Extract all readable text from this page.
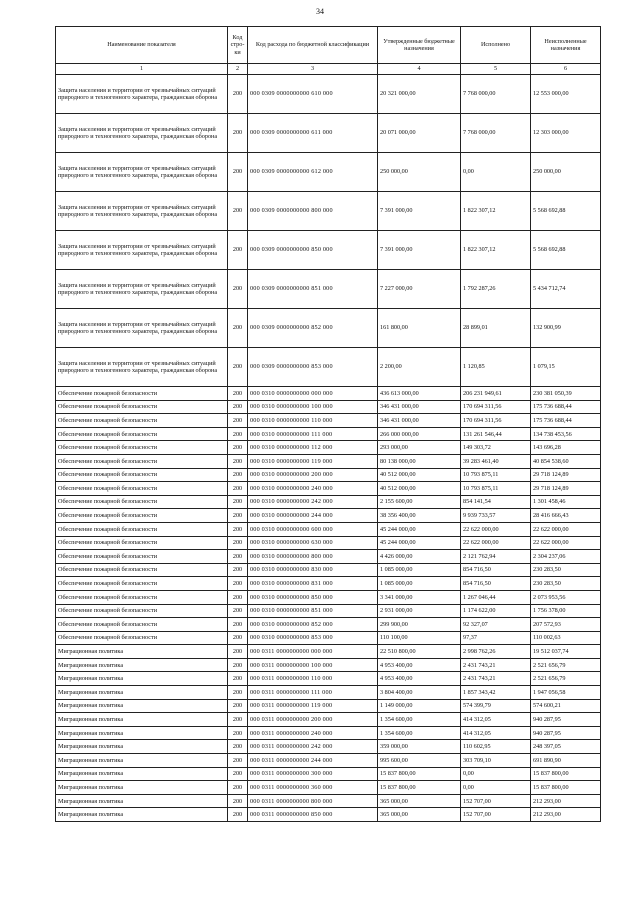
34
Наименование показателя	Код стро-ки	Код расхода по бюджетной классификации	Утвержденные бюджетные назначения	Исполнено	Неисполненные назначения
1	2	3	4	5	6
Защита населения и территории от чрезвычайных ситуаций природного и техногенного характера, гражданская оборона	200	000 0309 0000000000 610 000	20 321 000,00	7 768 000,00	12 553 000,00
Защита населения и территории от чрезвычайных ситуаций природного и техногенного характера, гражданская оборона	200	000 0309 0000000000 611 000	20 071 000,00	7 768 000,00	12 303 000,00
Защита населения и территории от чрезвычайных ситуаций природного и техногенного характера, гражданская оборона	200	000 0309 0000000000 612 000	250 000,00	0,00	250 000,00
Защита населения и территории от чрезвычайных ситуаций природного и техногенного характера, гражданская оборона	200	000 0309 0000000000 800 000	7 391 000,00	1 822 307,12	5 568 692,88
Защита населения и территории от чрезвычайных ситуаций природного и техногенного характера, гражданская оборона	200	000 0309 0000000000 850 000	7 391 000,00	1 822 307,12	5 568 692,88
Защита населения и территории от чрезвычайных ситуаций природного и техногенного характера, гражданская оборона	200	000 0309 0000000000 851 000	7 227 000,00	1 792 287,26	5 434 712,74
Защита населения и территории от чрезвычайных ситуаций природного и техногенного характера, гражданская оборона	200	000 0309 0000000000 852 000	161 800,00	28 899,01	132 900,99
Защита населения и территории от чрезвычайных ситуаций природного и техногенного характера, гражданская оборона	200	000 0309 0000000000 853 000	2 200,00	1 120,85	1 079,15
Обеспечение пожарной безопасности	200	000 0310 0000000000 000 000	436 613 000,00	206 231 949,61	230 381 050,39
Обеспечение пожарной безопасности	200	000 0310 0000000000 100 000	346 431 000,00	170 694 311,56	175 736 688,44
Обеспечение пожарной безопасности	200	000 0310 0000000000 110 000	346 431 000,00	170 694 311,56	175 736 688,44
Обеспечение пожарной безопасности	200	000 0310 0000000000 111 000	266 000 000,00	131 261 546,44	134 738 453,56
Обеспечение пожарной безопасности	200	000 0310 0000000000 112 000	293 000,00	149 303,72	143 696,28
Обеспечение пожарной безопасности	200	000 0310 0000000000 119 000	80 138 000,00	39 283 461,40	40 854 538,60
Обеспечение пожарной безопасности	200	000 0310 0000000000 200 000	40 512 000,00	10 793 875,11	29 718 124,89
Обеспечение пожарной безопасности	200	000 0310 0000000000 240 000	40 512 000,00	10 793 875,11	29 718 124,89
Обеспечение пожарной безопасности	200	000 0310 0000000000 242 000	2 155 600,00	854 141,54	1 301 458,46
Обеспечение пожарной безопасности	200	000 0310 0000000000 244 000	38 356 400,00	9 939 733,57	28 416 666,43
Обеспечение пожарной безопасности	200	000 0310 0000000000 600 000	45 244 000,00	22 622 000,00	22 622 000,00
Обеспечение пожарной безопасности	200	000 0310 0000000000 630 000	45 244 000,00	22 622 000,00	22 622 000,00
Обеспечение пожарной безопасности	200	000 0310 0000000000 800 000	4 426 000,00	2 121 762,94	2 304 237,06
Обеспечение пожарной безопасности	200	000 0310 0000000000 830 000	1 085 000,00	854 716,50	230 283,50
Обеспечение пожарной безопасности	200	000 0310 0000000000 831 000	1 085 000,00	854 716,50	230 283,50
Обеспечение пожарной безопасности	200	000 0310 0000000000 850 000	3 341 000,00	1 267 046,44	2 073 953,56
Обеспечение пожарной безопасности	200	000 0310 0000000000 851 000	2 931 000,00	1 174 622,00	1 756 378,00
Обеспечение пожарной безопасности	200	000 0310 0000000000 852 000	299 900,00	92 327,07	207 572,93
Обеспечение пожарной безопасности	200	000 0310 0000000000 853 000	110 100,00	97,37	110 002,63
Миграционная политика	200	000 0311 0000000000 000 000	22 510 800,00	2 998 762,26	19 512 037,74
Миграционная политика	200	000 0311 0000000000 100 000	4 953 400,00	2 431 743,21	2 521 656,79
Миграционная политика	200	000 0311 0000000000 110 000	4 953 400,00	2 431 743,21	2 521 656,79
Миграционная политика	200	000 0311 0000000000 111 000	3 804 400,00	1 857 343,42	1 947 056,58
Миграционная политика	200	000 0311 0000000000 119 000	1 149 000,00	574 399,79	574 600,21
Миграционная политика	200	000 0311 0000000000 200 000	1 354 600,00	414 312,05	940 287,95
Миграционная политика	200	000 0311 0000000000 240 000	1 354 600,00	414 312,05	940 287,95
Миграционная политика	200	000 0311 0000000000 242 000	359 000,00	110 602,95	248 397,05
Миграционная политика	200	000 0311 0000000000 244 000	995 600,00	303 709,10	691 890,90
Миграционная политика	200	000 0311 0000000000 300 000	15 837 800,00	0,00	15 837 800,00
Миграционная политика	200	000 0311 0000000000 360 000	15 837 800,00	0,00	15 837 800,00
Миграционная политика	200	000 0311 0000000000 800 000	365 000,00	152 707,00	212 293,00
Миграционная политика	200	000 0311 0000000000 850 000	365 000,00	152 707,00	212 293,00
